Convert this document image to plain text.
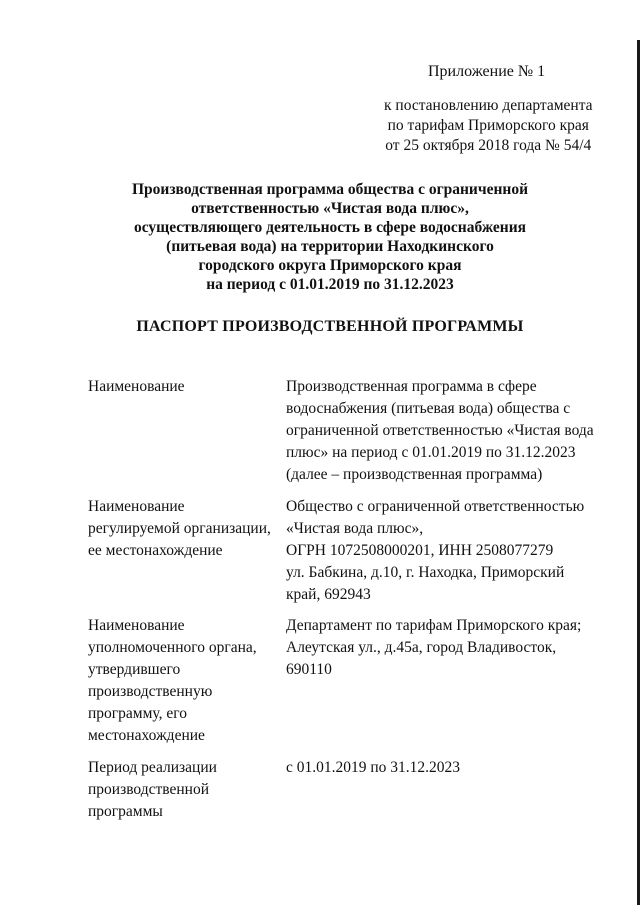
Приложение № 1
к постановлению департамента
по тарифам Приморского края
от 25 октября 2018 года № 54/4
Производственная программа общества с ограниченной
ответственностью «Чистая вода плюс»,
осуществляющего деятельность в сфере водоснабжения
(питьевая вода) на территории Находкинского
городского округа Приморского края
на период с 01.01.2019 по 31.12.2023
ПАСПОРТ ПРОИЗВОДСТВЕННОЙ ПРОГРАММЫ
Наименование	Производственная программа в сфере
водоснабжения (питьевая вода) общества с
ограниченной ответственностью «Чистая вода
плюс» на период с 01.01.2019 по 31.12.2023
(далее – производственная программа)
Наименование
регулируемой организации,
ее местонахождение
Общество с ограниченной ответственностью
«Чистая вода плюс»,
ОГРН 1072508000201, ИНН 2508077279
ул. Бабкина, д.10, г. Находка, Приморский
край, 692943
Наименование
уполномоченного органа,
утвердившего
производственную
программу, его
местонахождение
Департамент по тарифам Приморского края;
Алеутская ул., д.45а, город Владивосток,
690110
Период реализации
производственной
программы
с 01.01.2019 по 31.12.2023
